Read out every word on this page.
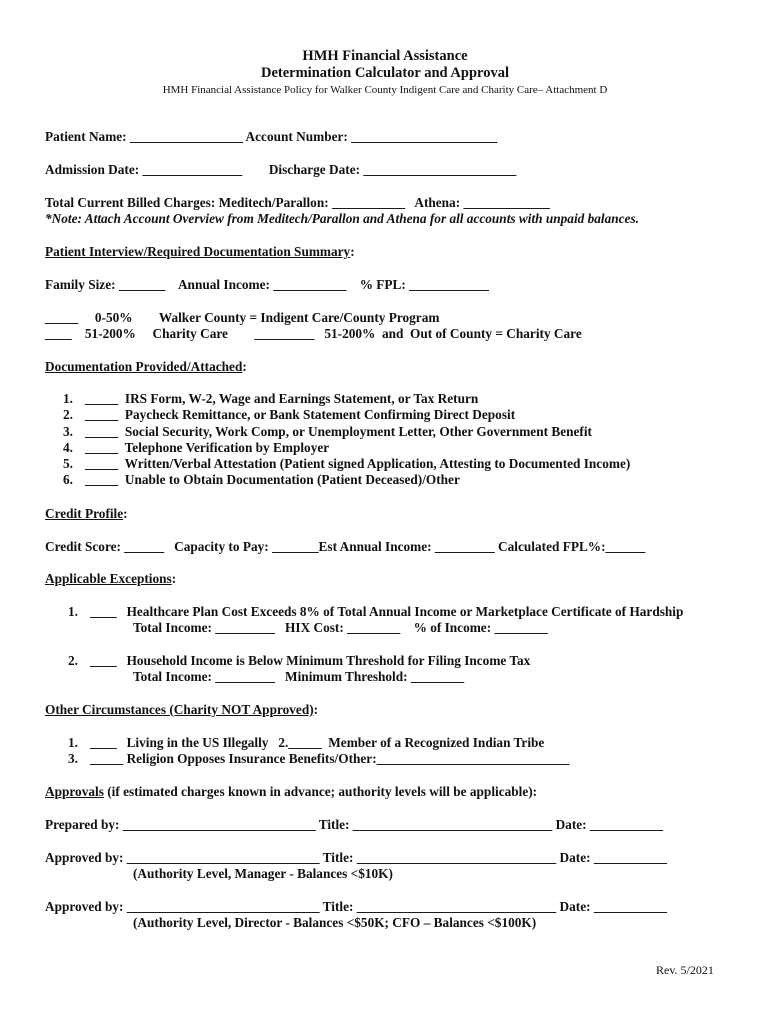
HMH Financial Assistance
Determination Calculator and Approval
HMH Financial Assistance Policy for Walker County Indigent Care and Charity Care– Attachment D
Patient Name: _________________ Account Number: ______________________
Admission Date: _______________        Discharge Date: _______________________
Total Current Billed Charges: Meditech/Parallon: ___________   Athena: _____________
*Note: Attach Account Overview from Meditech/Parallon and Athena for all accounts with unpaid balances.
Patient Interview/Required Documentation Summary:
Family Size: _______    Annual Income: ___________    % FPL: ____________
_____     0-50%        Walker County = Indigent Care/County Program
____    51-200%     Charity Care        _________   51-200%  and  Out of County = Charity Care
Documentation Provided/Attached:
1. _____  IRS Form, W-2, Wage and Earnings Statement, or Tax Return
2. _____  Paycheck Remittance, or Bank Statement Confirming Direct Deposit
3. _____  Social Security, Work Comp, or Unemployment Letter, Other Government Benefit
4. _____  Telephone Verification by Employer
5. _____  Written/Verbal Attestation (Patient signed Application, Attesting to Documented Income)
6. _____  Unable to Obtain Documentation (Patient Deceased)/Other
Credit Profile:
Credit Score: ______   Capacity to Pay: _______Est Annual Income: _________ Calculated FPL%:______
Applicable Exceptions:
1. ____   Healthcare Plan Cost Exceeds 8% of Total Annual Income or Marketplace Certificate of Hardship
Total Income: _________   HIX Cost: ________    % of Income: ________
2. ____   Household Income is Below Minimum Threshold for Filing Income Tax
Total Income: _________   Minimum Threshold: ________
Other Circumstances (Charity NOT Approved):
1. ____   Living in the US Illegally   2._____  Member of a Recognized Indian Tribe
3. _____ Religion Opposes Insurance Benefits/Other:_____________________________
Approvals (if estimated charges known in advance; authority levels will be applicable):
Prepared by: _____________________________ Title: ______________________________ Date: ___________
Approved by: _____________________________ Title: ______________________________ Date: ___________
(Authority Level, Manager - Balances <$10K)
Approved by: _____________________________ Title: ______________________________ Date: ___________
(Authority Level, Director - Balances <$50K; CFO – Balances <$100K)
Rev. 5/2021
